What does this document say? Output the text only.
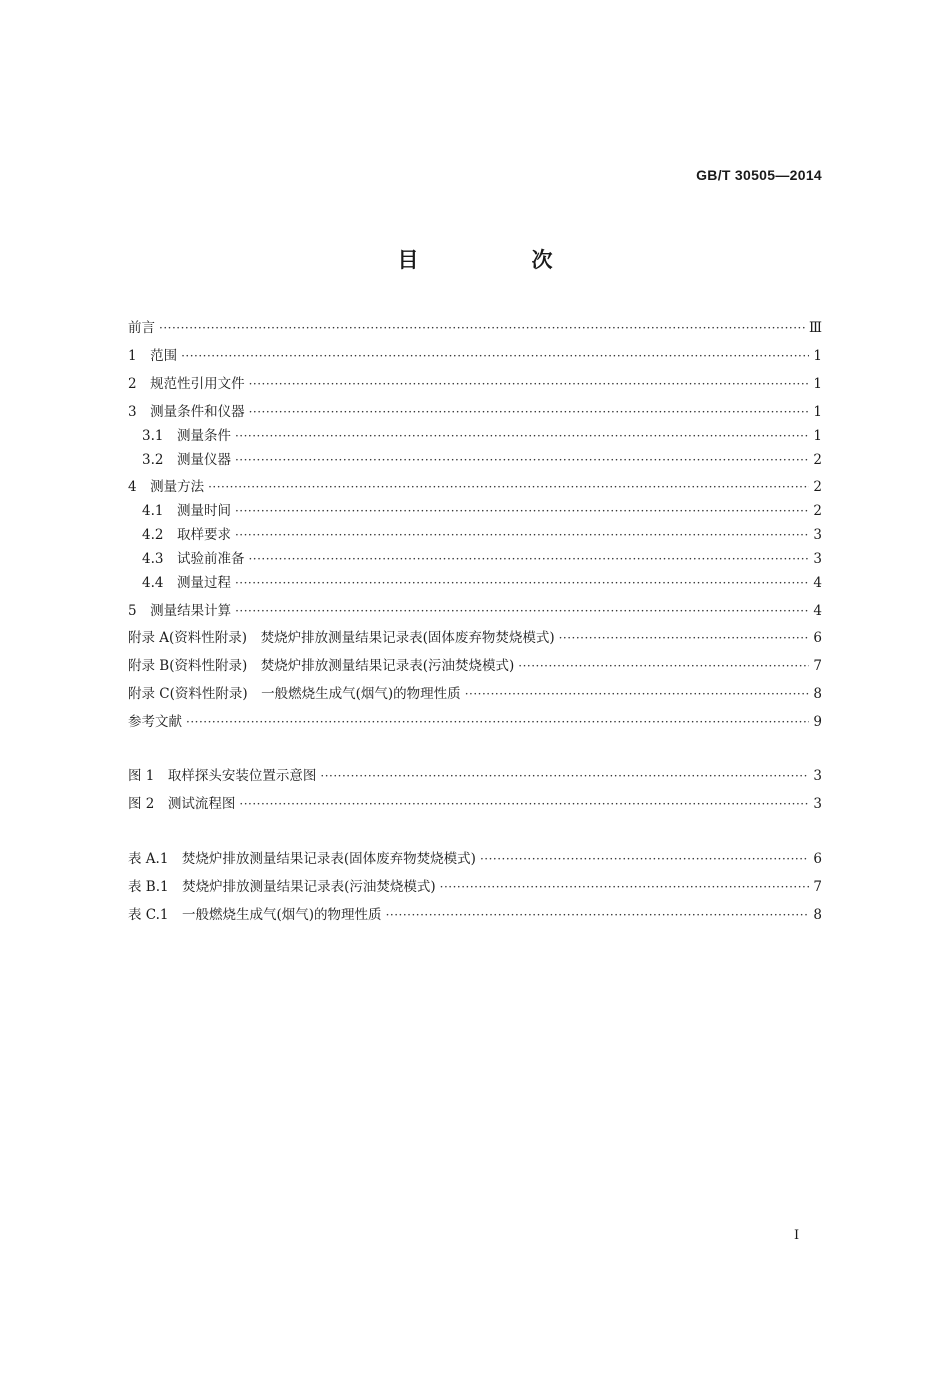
GB/T 30505—2014
目　次
前言 ·····	Ⅲ
1　范围 ·····	1
2　规范性引用文件 ·····	1
3　测量条件和仪器 ·····	1
3.1　测量条件 ·····	1
3.2　测量仪器 ·····	2
4　测量方法 ·····	2
4.1　测量时间 ·····	2
4.2　取样要求 ·····	3
4.3　试验前准备 ·····	3
4.4　测量过程 ·····	4
5　测量结果计算 ·····	4
附录 A(资料性附录)　焚烧炉排放测量结果记录表(固体废弃物焚烧模式) ·····	6
附录 B(资料性附录)　焚烧炉排放测量结果记录表(污油焚烧模式) ·····	7
附录 C(资料性附录)　一般燃烧生成气(烟气)的物理性质 ·····	8
参考文献 ·····	9
图 1　取样探头安装位置示意图 ·····	3
图 2　测试流程图 ·····	3
表 A.1　焚烧炉排放测量结果记录表(固体废弃物焚烧模式) ·····	6
表 B.1　焚烧炉排放测量结果记录表(污油焚烧模式) ·····	7
表 C.1　一般燃烧生成气(烟气)的物理性质 ·····	8
I
